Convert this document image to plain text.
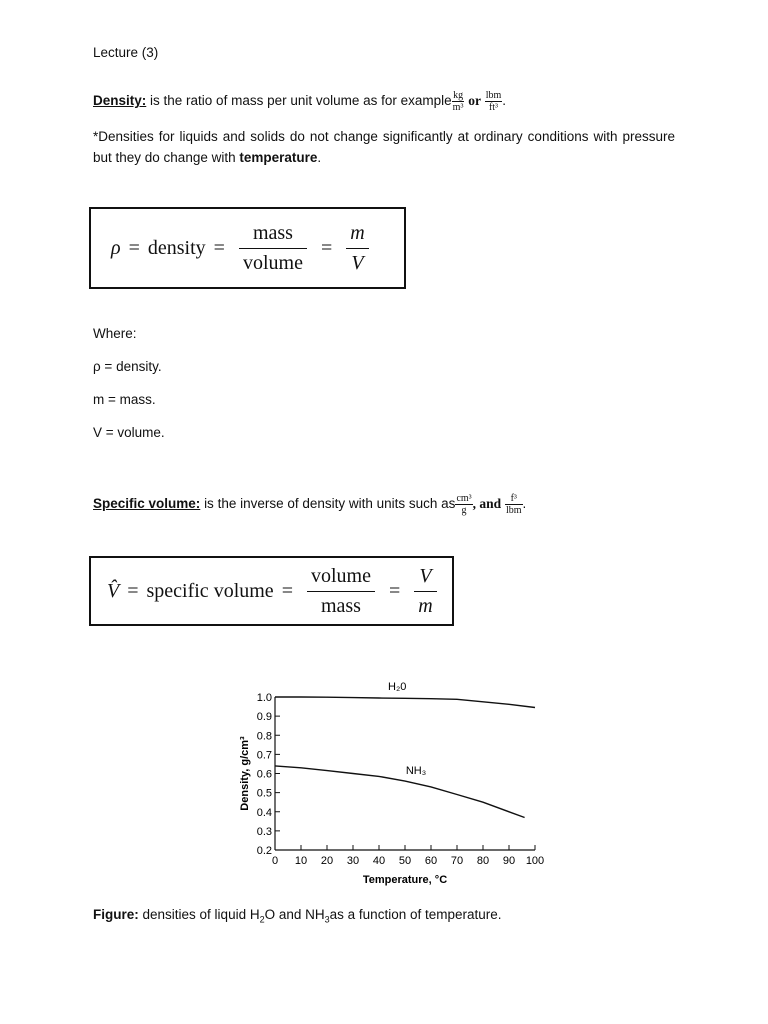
Lecture (3)
Density: is the ratio of mass per unit volume as for example $\frac{kg}{\text{m³}}$ or $\frac{\text{lbm}}{\text{ft³}}$ .
*Densities for liquids and solids do not change significantly at ordinary conditions with pressure but they do change with temperature.
ρ = density = $\frac{\text{mass}}{\text{volume}} = \frac{m}{V}$
Where:
ρ = density.
m = mass.
V = volume.
Specific volume: is the inverse of density with units such as $\frac{\text{cm³}}{g}$ , and $\frac{\text{f³}}{\text{lbm}}$ .
V̂ = specific volume = $\frac{\text{volume}}{\text{mass}} = \frac{V}{m}$
0.2
0.3
0.4
0.5
0.6
0.7
0.8
0.9
1.0
0 10 20 30 40 50 60 70 80 90 100
Temperature, °C
Density, g/cm³
H₂0
NH₃
Figure: densities of liquid $H_2O$ and $NH_3as$ a function of temperature.
